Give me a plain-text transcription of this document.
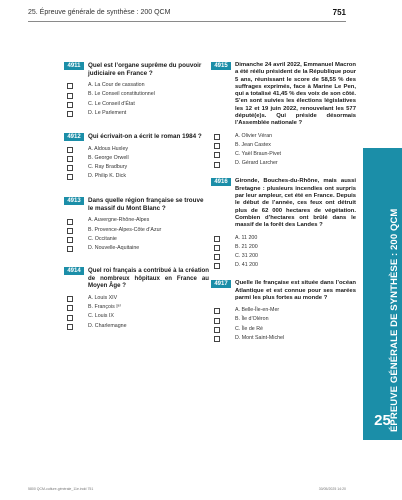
25. Épreuve générale de synthèse : 200 QCM	751
4911	Quel est l’organe suprême du pouvoir judiciaire en France ?
A. La Cour de cassation
B. Le Conseil constitutionnel
C. Le Conseil d’État
D. Le Parlement
4912	Qui écrivait-on a écrit le roman 1984 ?
A. Aldous Huxley
B. George Orwell
C. Ray Bradbury
D. Philip K. Dick
4913	Dans quelle région française se trouve le massif du Mont Blanc ?
A. Auvergne-Rhône-Alpes
B. Provence-Alpes-Côte d’Azur
C. Occitanie
D. Nouvelle-Aquitaine
4914	Quel roi français a contribué à la création de nombreux hôpitaux en France au Moyen Âge ?
A. Louis XIV
B. François Iᵉʳ
C. Louis IX
D. Charlemagne
4915	Dimanche 24 avril 2022, Emmanuel Macron a été réélu président de la République pour 5 ans, réunissant le score de 58,55 % des suffrages exprimés, face à Marine Le Pen, qui a totalisé 41,45 % des voix de son côté. S’en sont suivies les élections législatives les 12 et 19 juin 2022, renouvelant les 577 député(e)s. Qui préside désormais l’Assemblée nationale ?
A. Olivier Véran
B. Jean Castex
C. Yaël Braun-Pivet
D. Gérard Larcher
4916	Gironde, Bouches-du-Rhône, mais aussi Bretagne : plusieurs incendies ont surpris par leur ampleur, cet été en France. Depuis le début de l’année, ces feux ont détruit plus de 62 000 hectares de végétation. Combien d’hectares ont brûlé dans le massif de la forêt des Landes ?
A. 11 200
B. 21 200
C. 31 200
D. 41 200
4917	Quelle île française est située dans l’océan Atlantique et est connue pour ses marées parmi les plus fortes au monde ?
A. Belle-Île-en-Mer
B. Île d’Oléron
C. Île de Ré
D. Mont Saint-Michel	ÉPREUVE GÉNÉRALE DE SYNTHÈSE : 200 QCM
25
5800 QCM-culture-générale_11e.indd 751	30/05/2025 14:20
